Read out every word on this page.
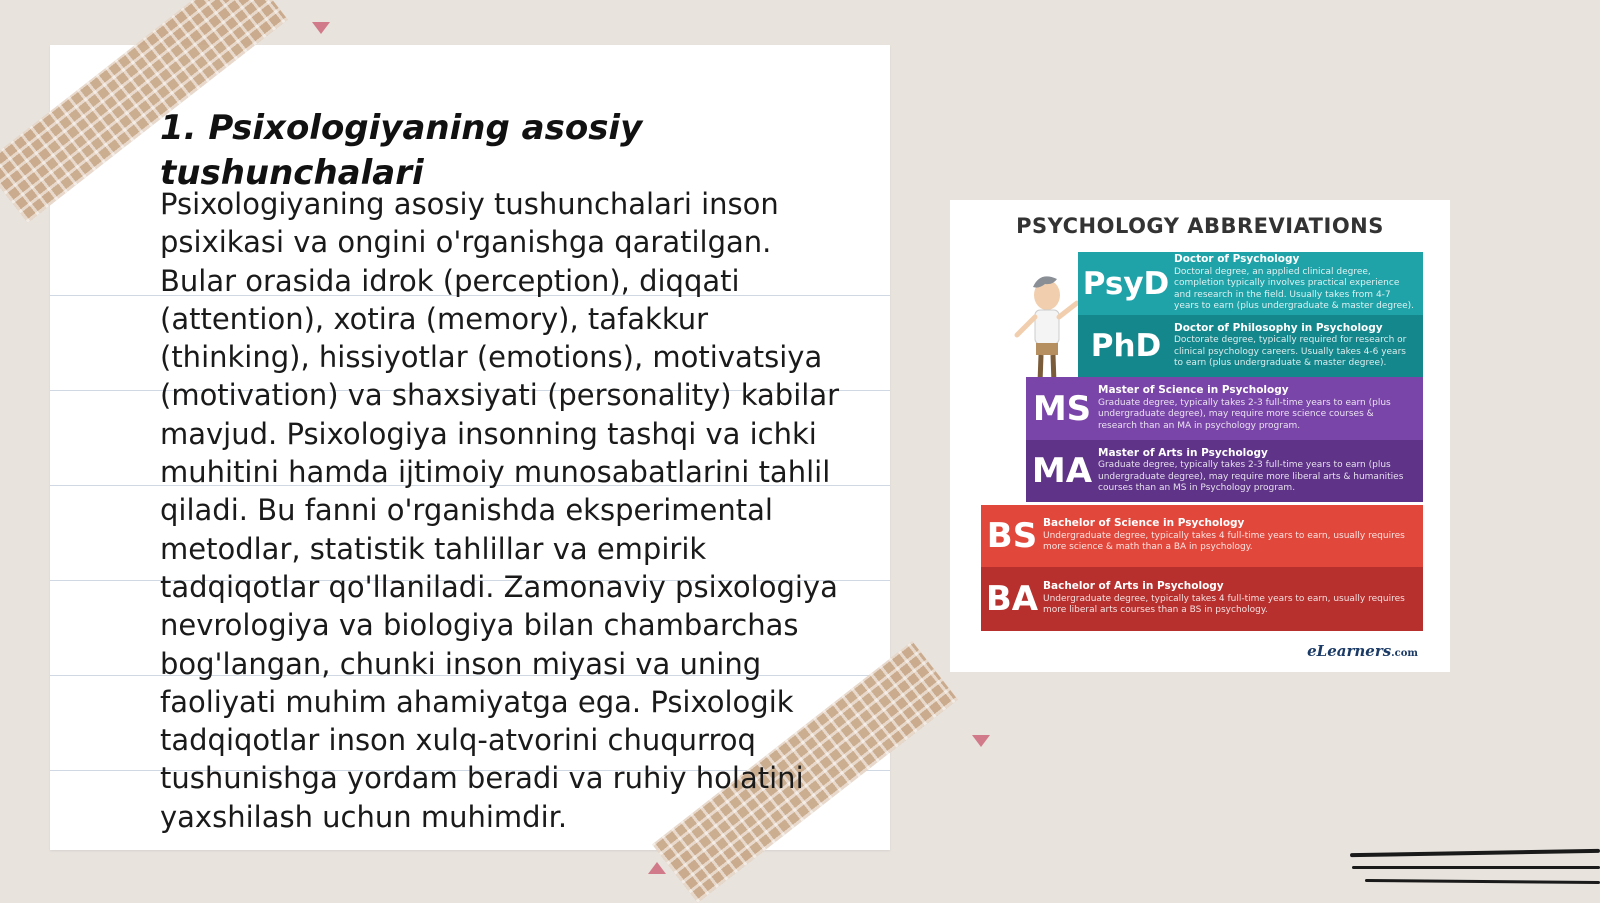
1. Psixologiyaning asosiy tushunchalari

Psixologiyaning asosiy tushunchalari inson psixikasi va ongini o'rganishga qaratilgan. Bular orasida idrok (perception), diqqati (attention), xotira (memory), tafakkur (thinking), hissiyotlar (emotions), motivatsiya (motivation) va shaxsiyati (personality) kabilar mavjud. Psixologiya insonning tashqi va ichki muhitini hamda ijtimoiy munosabatlarini tahlil qiladi. Bu fanni o'rganishda eksperimental metodlar, statistik tahlillar va empirik tadqiqotlar qo'llaniladi. Zamonaviy psixologiya nevrologiya va biologiya bilan chambarchas bog'langan, chunki inson miyasi va uning faoliyati muhim ahamiyatga ega. Psixologik tadqiqotlar inson xulq-atvorini chuqurroq tushunishga yordam beradi va ruhiy holatini yaxshilash uchun muhimdir.

PSYCHOLOGY ABBREVIATIONS
PsyD
Doctor of Psychology
Doctoral degree, an applied clinical degree, completion typically involves practical experience and research in the field. Usually takes from 4-7 years to earn (plus undergraduate & master degree).
PhD
Doctor of Philosophy in Psychology
Doctorate degree, typically required for research or clinical psychology careers. Usually takes 4-6 years to earn (plus undergraduate & master degree).
MS Master of Science in Psychology
Graduate degree, typically takes 2-3 full-time years to earn (plus undergraduate degree), may require more science courses & research than an MA in psychology program.
MA Master of Arts in Psychology
Graduate degree, typically takes 2-3 full-time years to earn (plus undergraduate degree), may require more liberal arts & humanities courses than an MS in Psychology program.
BS Bachelor of Science in Psychology
Undergraduate degree, typically takes 4 full-time years to earn, usually requires more science & math than a BA in psychology.
BA Bachelor of Arts in Psychology
Undergraduate degree, typically takes 4 full-time years to earn, usually requires more liberal arts courses than a BS in psychology.
eLearners.com
